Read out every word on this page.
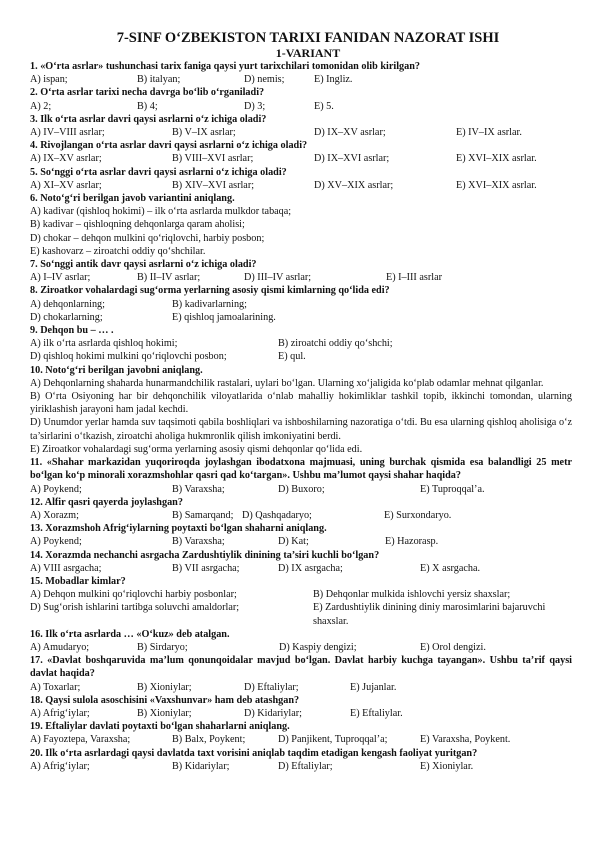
7-SINF O‘ZBEKISTON TARIXI FANIDAN NAZORAT ISHI
1-VARIANT
1. «O‘rta asrlar» tushunchasi tarix faniga qaysi yurt tarixchilari tomonidan olib kirilgan?
A) ispan;	B) italyan;	D) nemis;	E) Ingliz.
2. O‘rta asrlar tarixi necha davrga bo‘lib o‘rganiladi?
A) 2;	B) 4;	D) 3;	E) 5.
3. Ilk o‘rta asrlar davri qaysi asrlarni o‘z ichiga oladi?
A) IV–VIII asrlar;	B) V–IX asrlar;	D) IX–XV asrlar;	E) IV–IX asrlar.
4. Rivojlangan o‘rta asrlar davri qaysi asrlarni o‘z ichiga oladi?
A) IX–XV asrlar;	B) VIII–XVI asrlar;	D) IX–XVI asrlar;	E) XVI–XIX asrlar.
5. So‘nggi o‘rta asrlar davri qaysi asrlarni o‘z ichiga oladi?
A) XI–XV asrlar;	B) XIV–XVI asrlar;	D) XV–XIX asrlar;	E) XVI–XIX asrlar.
6. Noto‘g‘ri berilgan javob variantini aniqlang.
A) kadivar (qishloq hokimi) – ilk o‘rta asrlarda mulkdor tabaqa;
B) kadivar – qishloqning dehqonlarga qaram aholisi;
D) chokar – dehqon mulkini qo‘riqlovchi, harbiy posbon;
E) kashovarz – ziroatchi oddiy qo‘shchilar.
7. So‘nggi antik davr qaysi asrlarni o‘z ichiga oladi?
A) I–IV asrlar;	B) II–IV asrlar;	D) III–IV asrlar;	E) I–III asrlar
8. Ziroatkor vohalardagi sug‘orma yerlarning asosiy qismi kimlarning qo‘lida edi?
A) dehqonlarning;	B) kadivarlarning;
D) chokarlarning;	E) qishloq jamoalarining.
9. Dehqon bu – … .
A) ilk o‘rta asrlarda qishloq hokimi;	B) ziroatchi oddiy qo‘shchi;
D) qishloq hokimi mulkini qo‘riqlovchi posbon;	E) qul.
10. Noto‘g‘ri berilgan javobni aniqlang.
A) Dehqonlarning shaharda hunarmandchilik rastalari, uylari bo‘lgan. Ularning xo‘jaligida ko‘plab odamlar mehnat qilganlar.
B) O‘rta Osiyoning har bir dehqonchilik viloyatlarida o‘nlab mahalliy hokimliklar tashkil topib, ikkinchi tomondan, ularning yiriklashish jarayoni ham jadal kechdi.
D) Unumdor yerlar hamda suv taqsimoti qabila boshliqlari va ishboshilarning nazoratiga o‘tdi. Bu esa ularning qishloq aholisiga o‘z ta’sirlarini o‘tkazish, ziroatchi aholiga hukmronlik qilish imkoniyatini berdi.
E) Ziroatkor vohalardagi sug‘orma yerlarning asosiy qismi dehqonlar qo‘lida edi.
11. «Shahar markazidan yuqoriroqda joylashgan ibodatxona majmuasi, uning burchak qismida esa balandligi 25 metr bo‘lgan ko‘p minorali xorazmshohlar qasri qad ko‘targan». Ushbu ma’lumot qaysi shahar haqida?
A) Poykend;	B) Varaxsha;	D) Buxoro;	E) Tuproqqal’a.
12. Alfir qasri qayerda joylashgan?
A) Xorazm;	B) Samarqand; D) Qashqadaryo;	E) Surxondaryo.
13. Xorazmshoh Afrig‘iylarning poytaxti bo‘lgan shaharni aniqlang.
A) Poykend;	B) Varaxsha;	D) Kat;	E) Hazorasp.
14. Xorazmda nechanchi asrgacha Zardushtiylik dinining ta’siri kuchli bo‘lgan?
A) VIII asrgacha;	B) VII asrgacha;	D) IX asrgacha;	E) X asrgacha.
15. Mobadlar kimlar?
A) Dehqon mulkini qo‘riqlovchi harbiy posbonlar;	B) Dehqonlar mulkida ishlovchi yersiz shaxslar;
D) Sug‘orish ishlarini tartibga soluvchi amaldorlar;	E) Zardushtiylik dinining diniy marosimlarini bajaruvchi shaxslar.
16. Ilk o‘rta asrlarda … «O‘kuz» deb atalgan.
A) Amudaryo;	B) Sirdaryo;	D) Kaspiy dengizi;	E) Orol dengizi.
17. «Davlat boshqaruvida ma’lum qonunqoidalar mavjud bo‘lgan. Davlat harbiy kuchga tayangan». Ushbu ta’rif qaysi davlat haqida?
A) Toxarlar;	B) Xioniylar;	D) Eftaliylar;	E) Jujanlar.
18. Qaysi sulola asoschisini «Vaxshunvar» ham deb atashgan?
A) Afrig‘iylar;	B) Xioniylar;	D) Kidariylar;	E) Eftaliylar.
19. Eftaliylar davlati poytaxti bo‘lgan shaharlarni aniqlang.
A) Fayoztepa, Varaxsha;	B) Balx, Poykent;	D) Panjikent, Tuproqqal’a;	E) Varaxsha, Poykent.
20. Ilk o‘rta asrlardagi qaysi davlatda taxt vorisini aniqlab taqdim etadigan kengash faoliyat yuritgan?
A) Afrig‘iylar;	B) Kidariylar;	D) Eftaliylar;	E) Xioniylar.
